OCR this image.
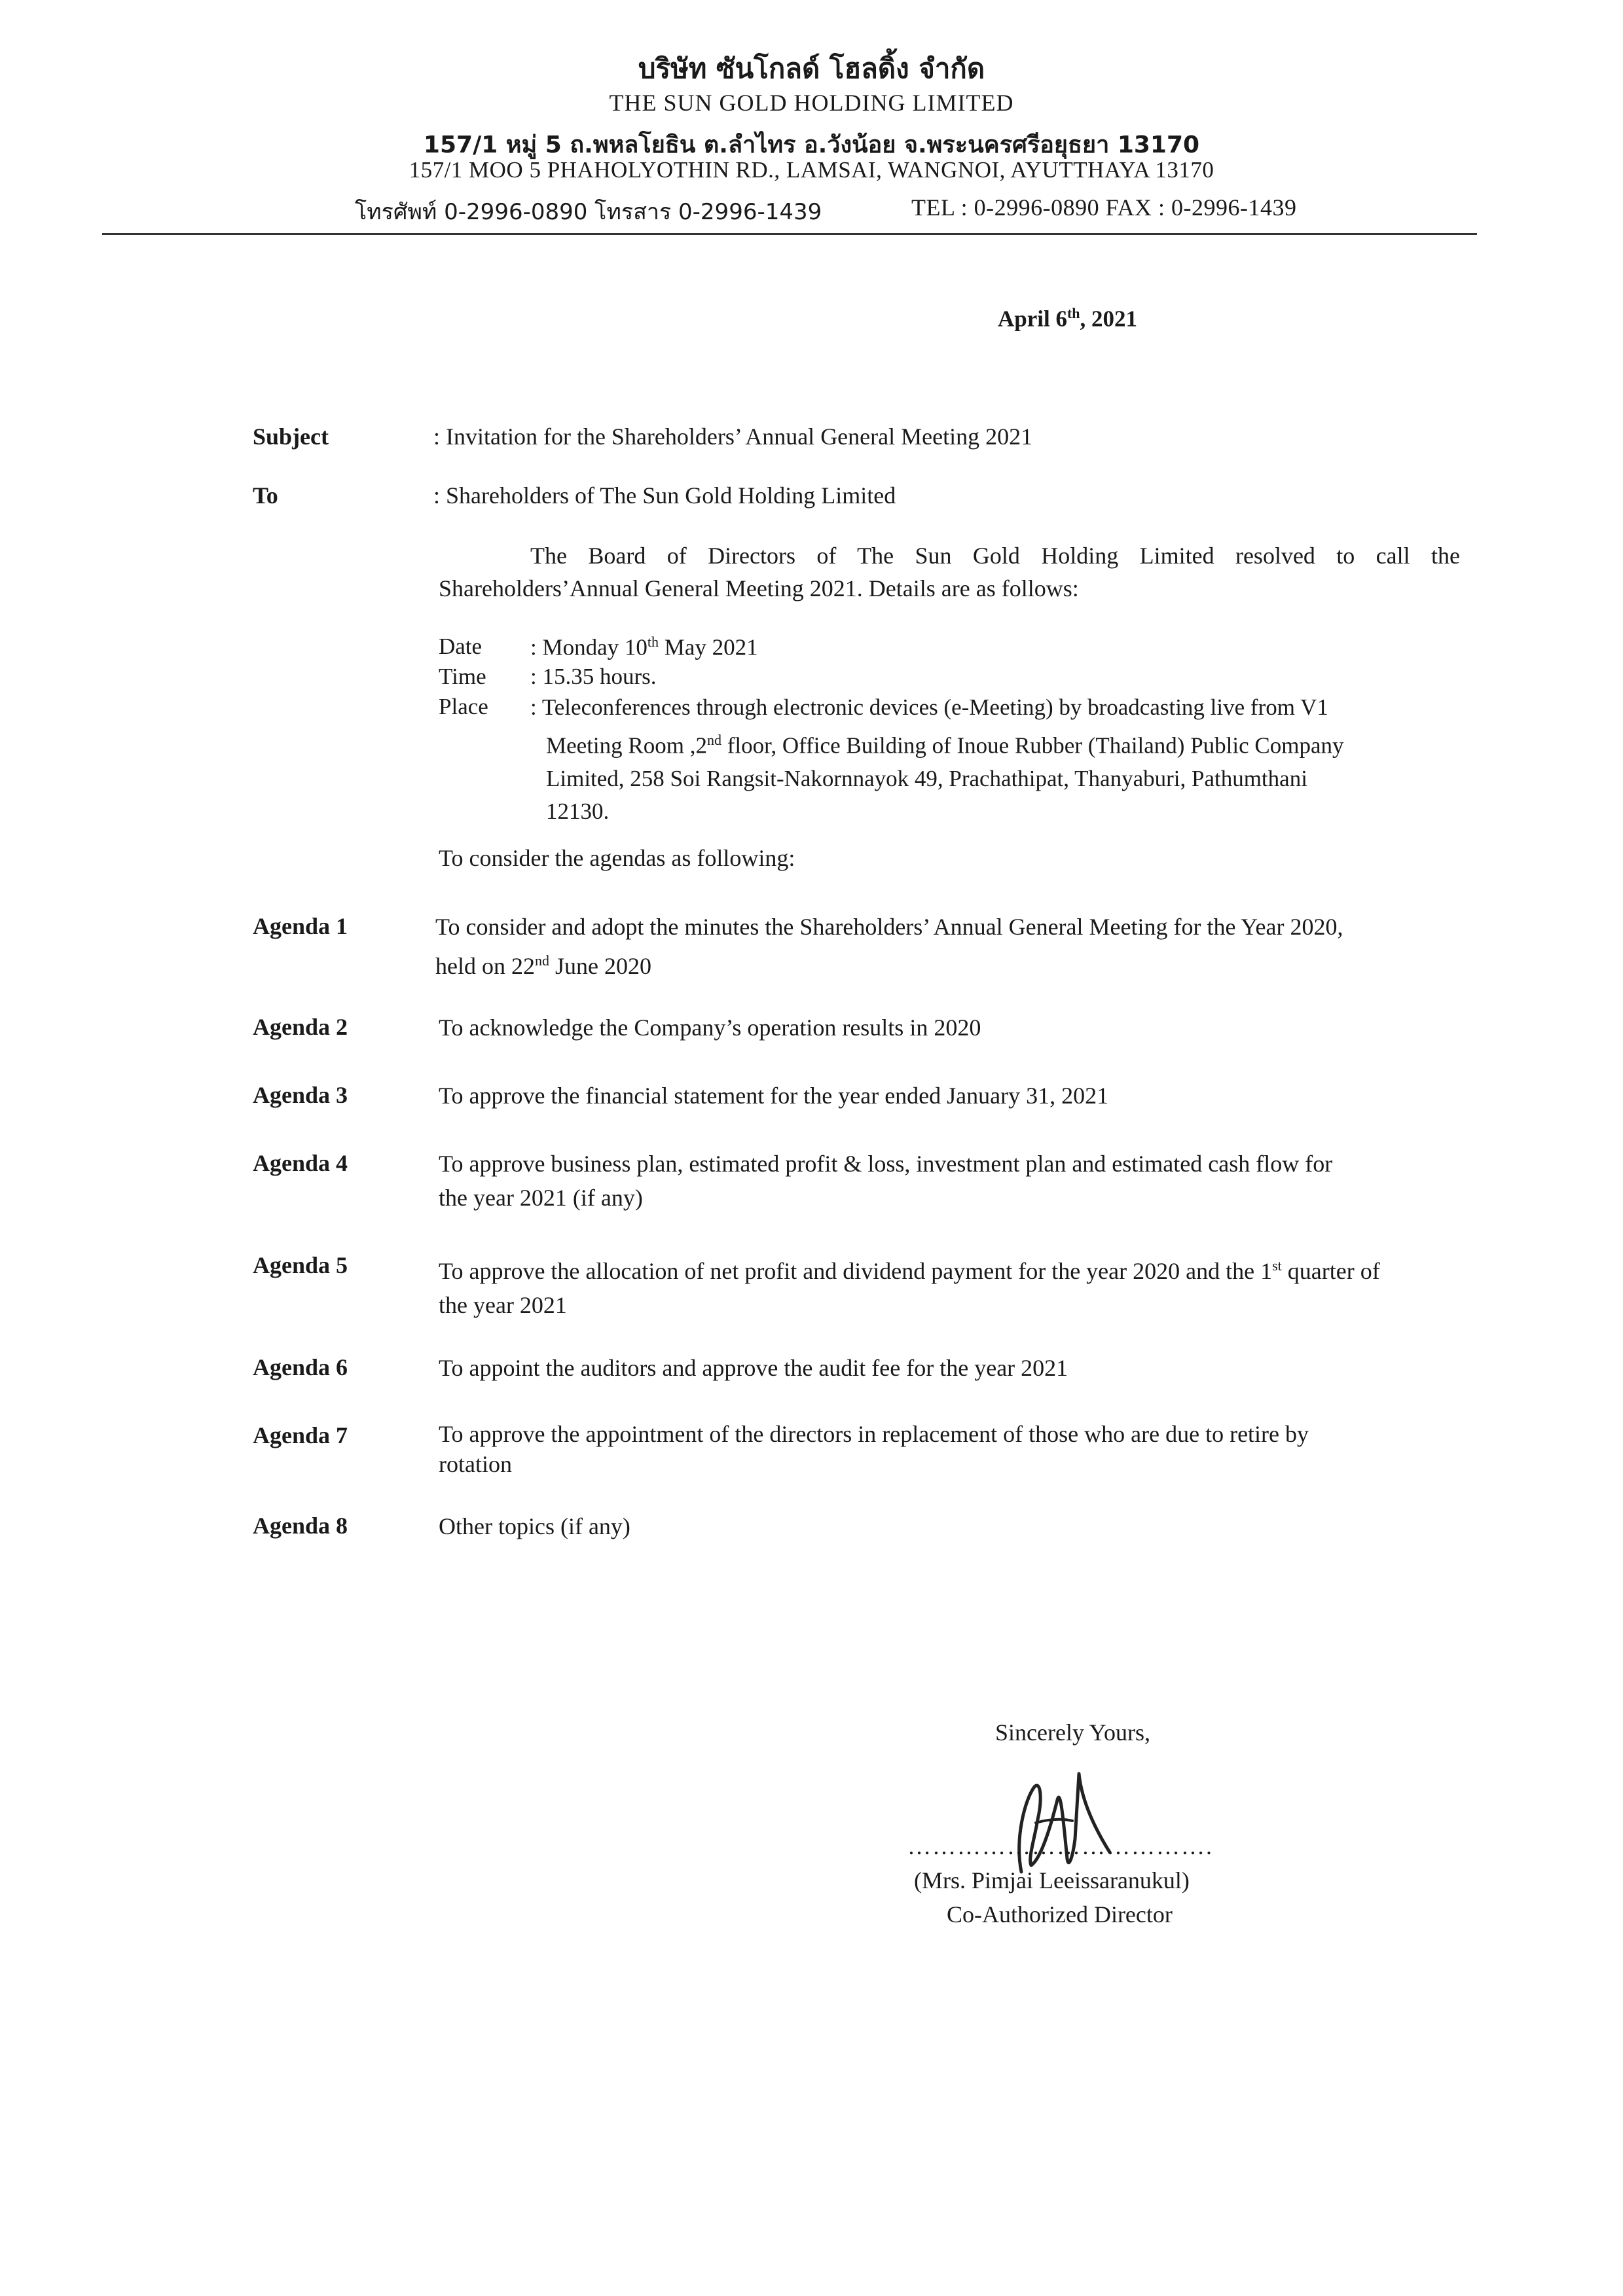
บริษัท ซันโกลด์ โฮลดิ้ง จำกัด
THE SUN GOLD HOLDING LIMITED
157/1 หมู่ 5 ถ.พหลโยธิน ต.ลำไทร อ.วังน้อย จ.พระนครศรีอยุธยา 13170
157/1 MOO 5 PHAHOLYOTHIN RD., LAMSAI, WANGNOI, AYUTTHAYA 13170
โทรศัพท์ 0-2996-0890 โทรสาร 0-2996-1439	TEL : 0-2996-0890 FAX : 0-2996-1439
April 6th, 2021
Subject	: Invitation for the Shareholders’ Annual General Meeting 2021
To	: Shareholders of The Sun Gold Holding Limited
The Board of Directors of The Sun Gold Holding Limited resolved to call the Shareholders’Annual General Meeting 2021. Details are as follows:
Date : Monday 10th May 2021
Time : 15.35 hours.
Place : Teleconferences through electronic devices (e-Meeting) by broadcasting live from V1
Meeting Room ,2nd floor, Office Building of Inoue Rubber (Thailand) Public Company
Limited, 258 Soi Rangsit-Nakornnayok 49, Prachathipat, Thanyaburi, Pathumthani
12130.
To consider the agendas as following:
Agenda 1	To consider and adopt the minutes the Shareholders’ Annual General Meeting for the Year 2020,
held on 22nd June 2020
Agenda 2	To acknowledge the Company’s operation results in 2020
Agenda 3	To approve the financial statement for the year ended January 31, 2021
Agenda 4	To approve business plan, estimated profit & loss, investment plan and estimated cash flow for
the year 2021 (if any)
Agenda 5	To approve the allocation of net profit and dividend payment for the year 2020 and the 1st quarter of
the year 2021
Agenda 6	To appoint the auditors and approve the audit fee for the year 2021
Agenda 7	To approve the appointment of the directors in replacement of those who are due to retire by
rotation
Agenda 8	Other topics (if any)
Sincerely Yours,
……………………………….
(Mrs. Pimjai Leeissaranukul)
Co-Authorized Director
